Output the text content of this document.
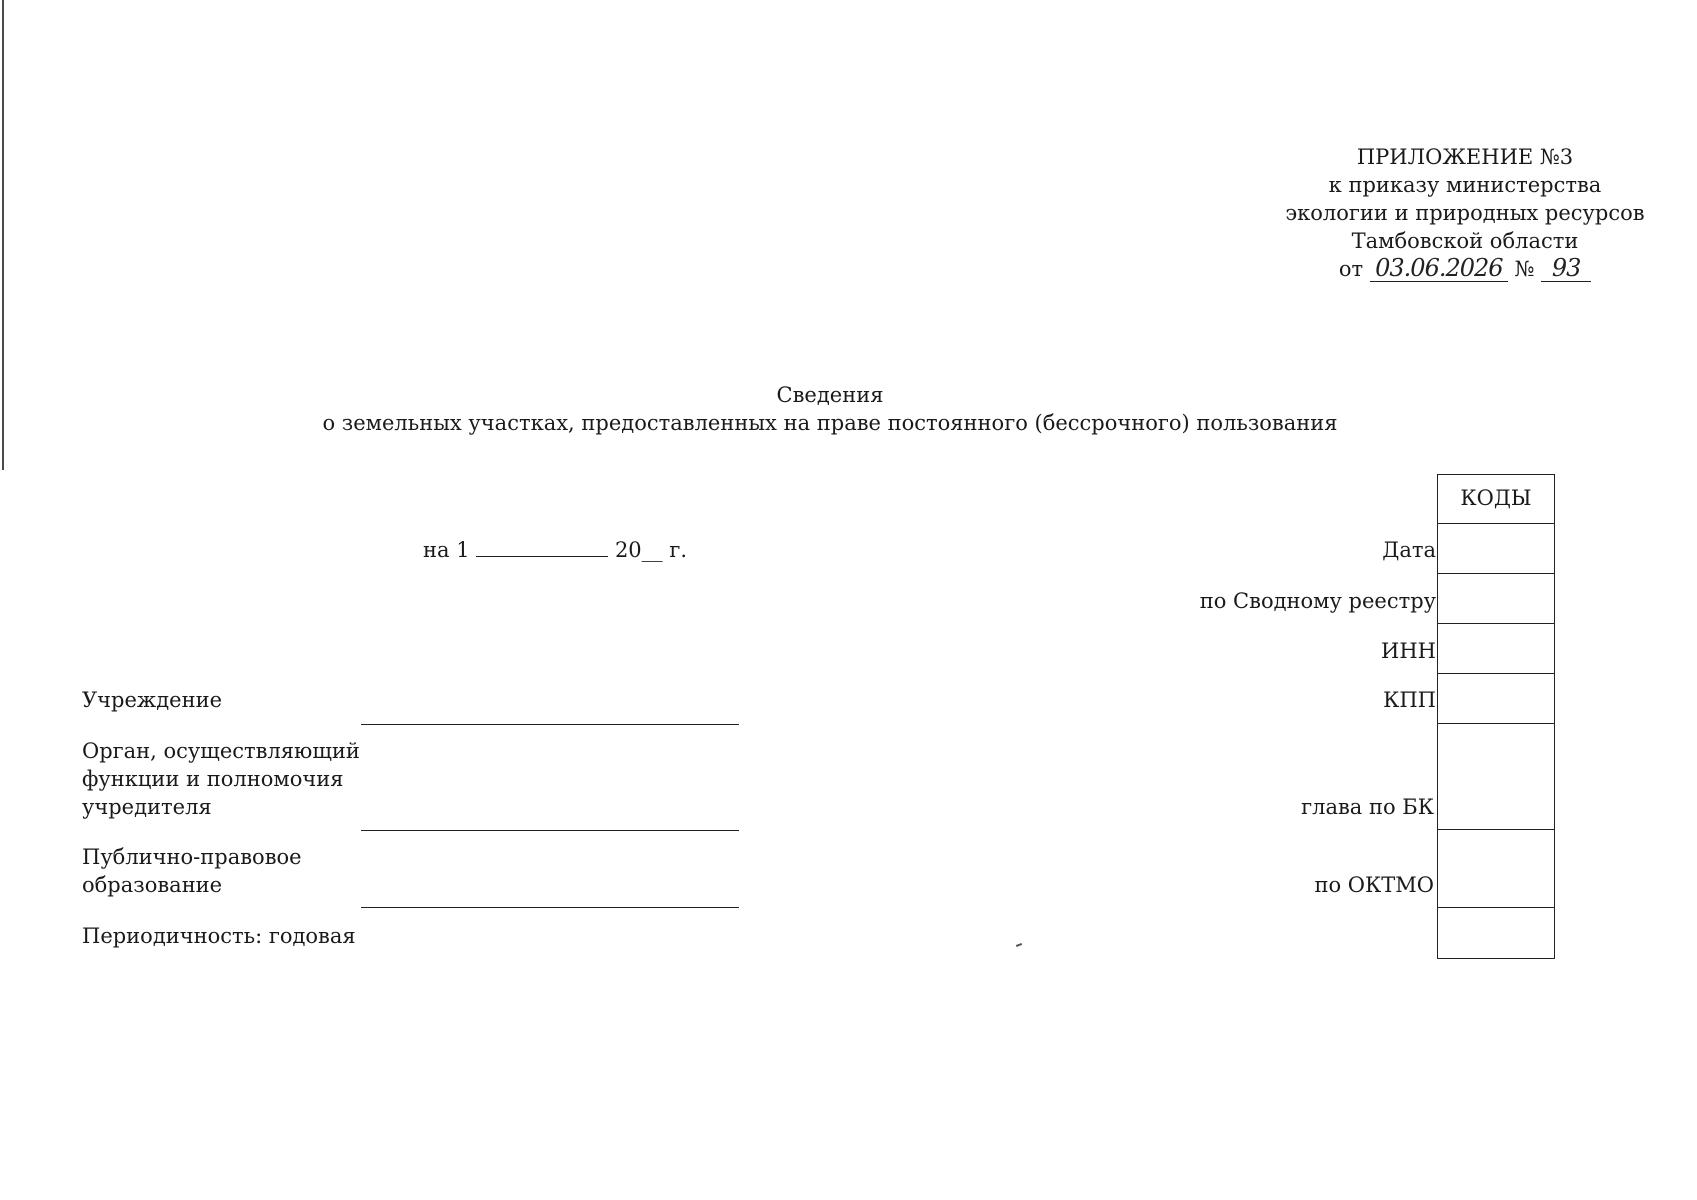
ПРИЛОЖЕНИЕ №3
к приказу министерства
экологии и природных ресурсов
Тамбовской области
от 03.06.2026 № 93
Сведения
о земельных участках, предоставленных на праве постоянного (бессрочного) пользования
на 1	20__ г.
Учреждение
Орган, осуществляющий
функции и полномочия
учредителя
Публично-правовое
образование
Периодичность: годовая
Дата
по Сводному реестру
ИНН
КПП
глава по БК
по ОКТМО
КОДЫ
